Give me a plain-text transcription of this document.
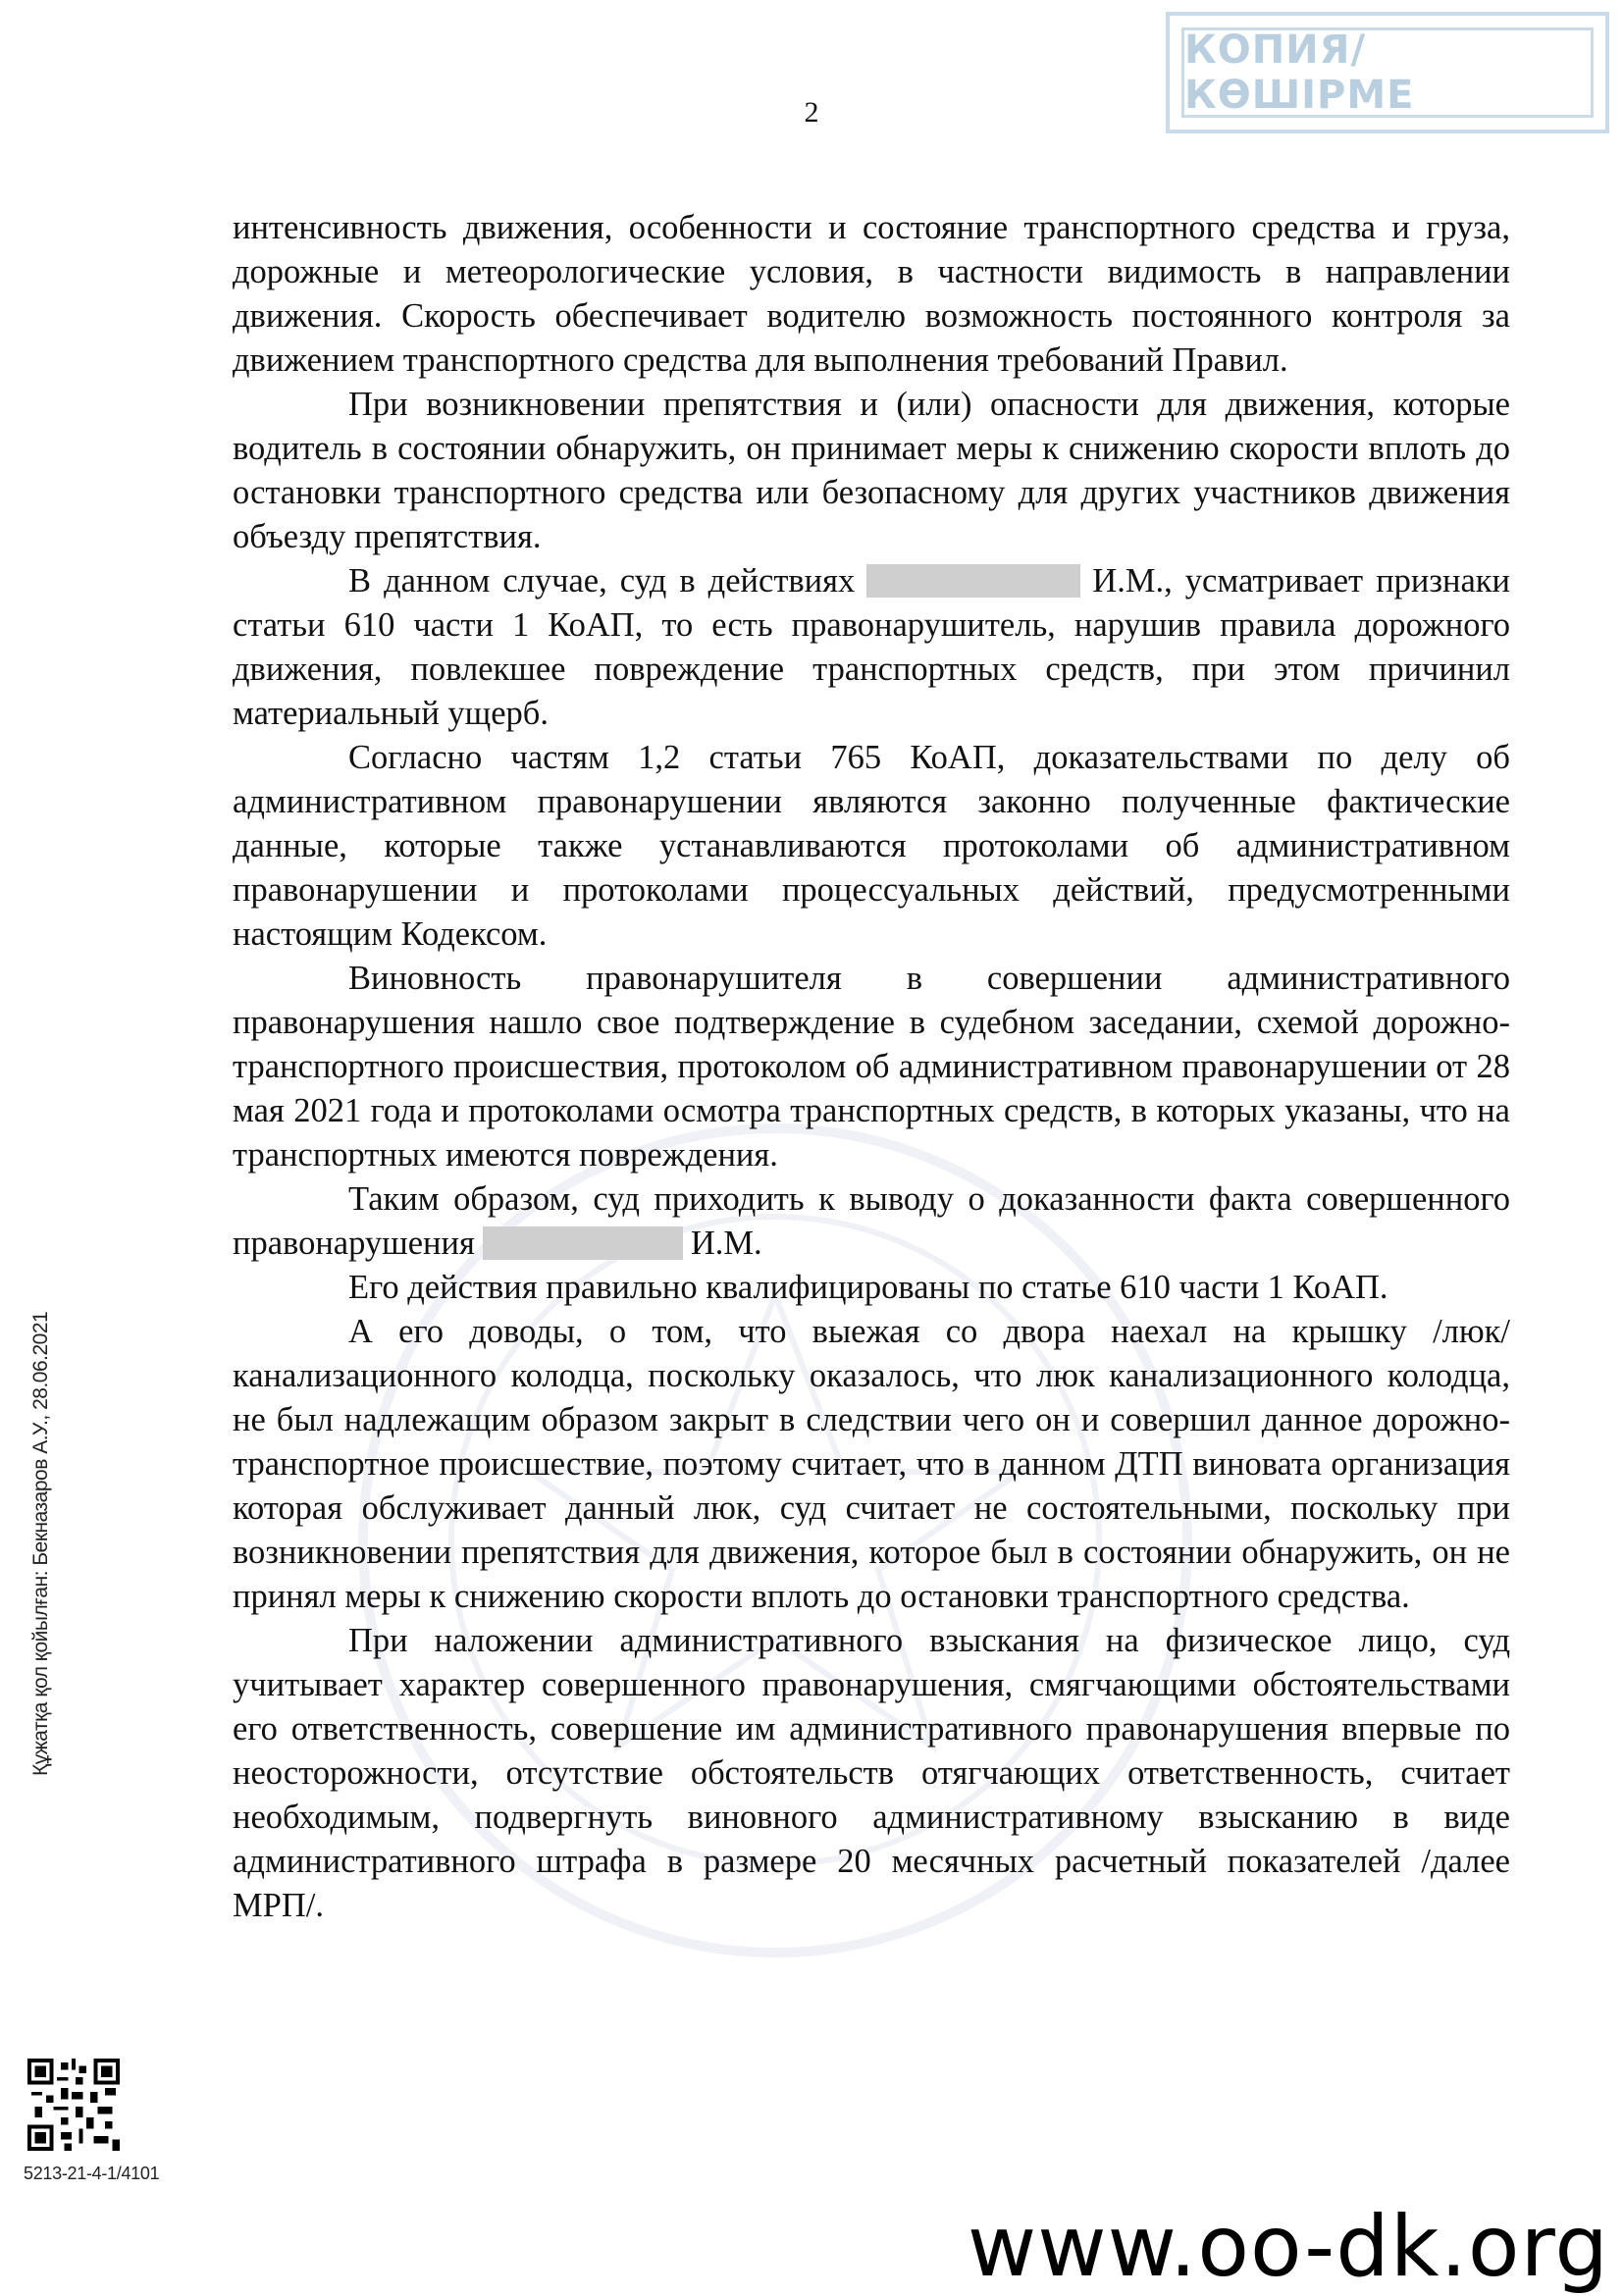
КОПИЯ/КӨШІРМЕ
2

интенсивность движения, особенности и состояние транспортного средства и груза, дорожные и метеорологические условия, в частности видимость в направлении движения. Скорость обеспечивает водителю возможность постоянного контроля за движением транспортного средства для выполнения требований Правил.

При возникновении препятствия и (или) опасности для движения, которые водитель в состоянии обнаружить, он принимает меры к снижению скорости вплоть до остановки транспортного средства или безопасному для других участников движения объезду препятствия.

В данном случае, суд в действиях	И.М., усматривает признаки статьи 610 части 1 КоАП, то есть правонарушитель, нарушив правила дорожного движения, повлекшее повреждение транспортных средств, при этом причинил материальный ущерб.

Согласно частям 1,2 статьи 765 КоАП, доказательствами по делу об административном правонарушении являются законно полученные фактические данные, которые также устанавливаются протоколами об административном правонарушении и протоколами процессуальных действий, предусмотренными настоящим Кодексом.

Виновность правонарушителя в совершении административного правонарушения нашло свое подтверждение в судебном заседании, схемой дорожно-транспортного происшествия, протоколом об административном правонарушении от 28 мая 2021 года и протоколами осмотра транспортных средств, в которых указаны, что на транспортных имеются повреждения.

Таким образом, суд приходить к выводу о доказанности факта совершенного правонарушения	И.М.

Его действия правильно квалифицированы по статье 610 части 1 КоАП.

А его доводы, о том, что выежая со двора наехал на крышку /люк/ канализационного колодца, поскольку оказалось, что люк канализационного колодца, не был надлежащим образом закрыт в следствии чего он и совершил данное дорожно-транспортное происшествие, поэтому считает, что в данном ДТП виновата организация которая обслуживает данный люк, суд считает не состоятельными, поскольку при возникновении препятствия для движения, которое был в состоянии обнаружить, он не принял меры к снижению скорости вплоть до остановки транспортного средства.

При наложении административного взыскания на физическое лицо, суд учитывает характер совершенного правонарушения, смягчающими обстоятельствами его ответственность, совершение им административного правонарушения впервые по неосторожности, отсутствие обстоятельств отягчающих ответственность, считает необходимым, подвергнуть виновного административному взысканию в виде административного штрафа в размере 20 месячных расчетный показателей /далее МРП/.

Құжатқа қол қойылған: Бекназаров А.У., 28.06.2021
5213-21-4-1/4101
www.oo-dk.org
